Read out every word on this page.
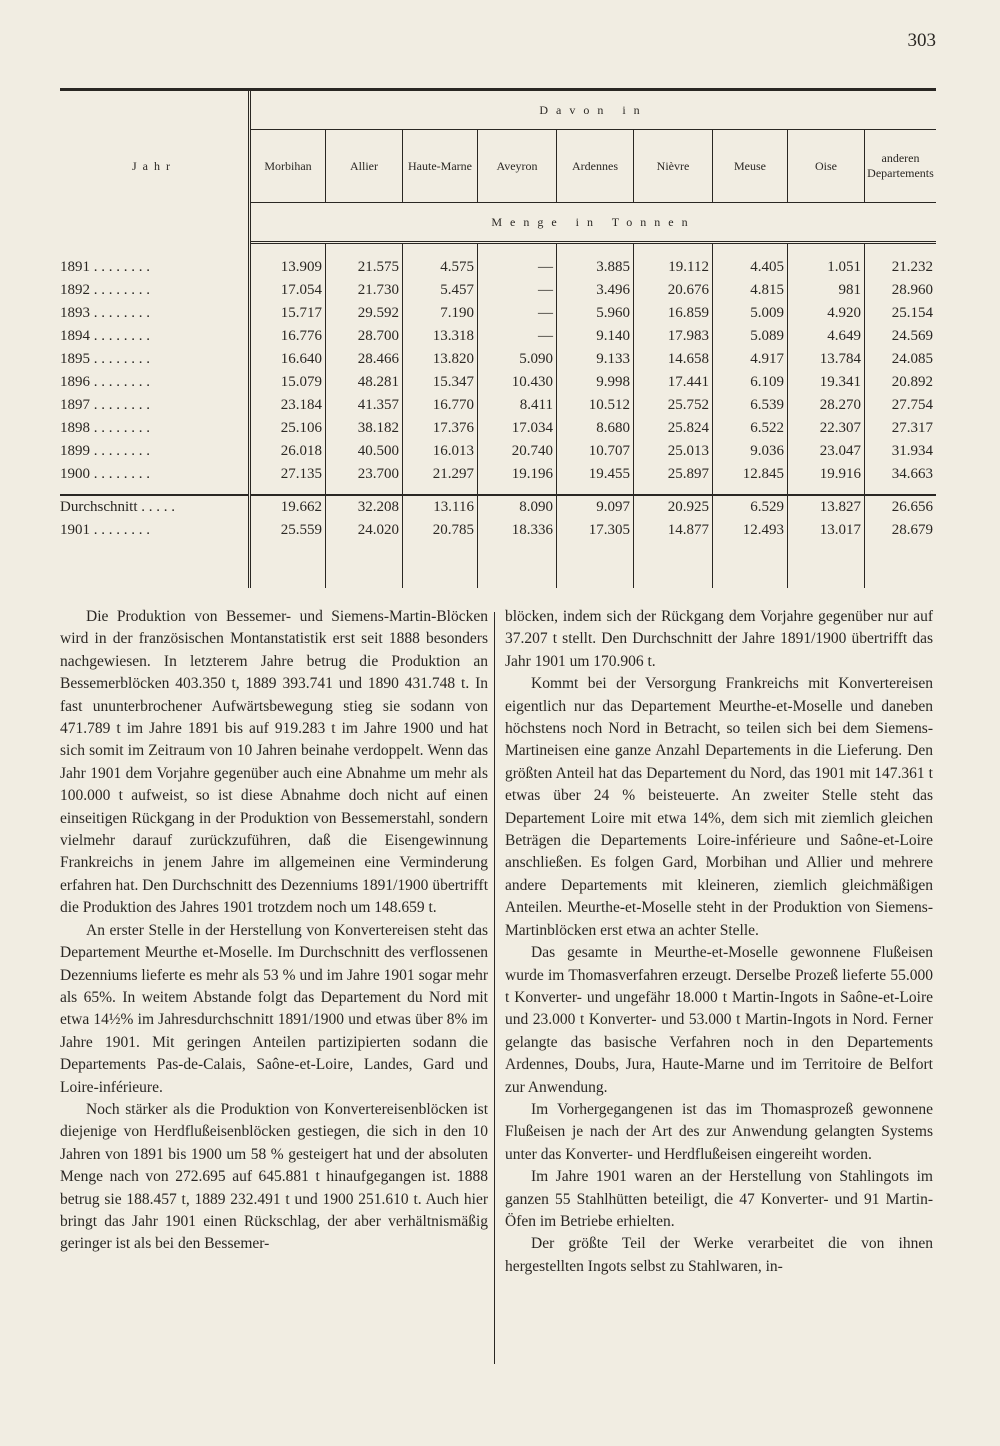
303
Jahr	Davon in								
	Morbihan	Allier	Haute-Marne	Aveyron	Ardennes	Nièvre	Meuse	Oise	anderen Departements
	Menge in Tonnen								

1891 . . . . . . . .	13.909	21.575	4.575	—	3.885	19.112	4.405	1.051	21.232
1892 . . . . . . . .	17.054	21.730	5.457	—	3.496	20.676	4.815	981	28.960
1893 . . . . . . . .	15.717	29.592	7.190	—	5.960	16.859	5.009	4.920	25.154
1894 . . . . . . . .	16.776	28.700	13.318	—	9.140	17.983	5.089	4.649	24.569
1895 . . . . . . . .	16.640	28.466	13.820	5.090	9.133	14.658	4.917	13.784	24.085
1896 . . . . . . . .	15.079	48.281	15.347	10.430	9.998	17.441	6.109	19.341	20.892
1897 . . . . . . . .	23.184	41.357	16.770	8.411	10.512	25.752	6.539	28.270	27.754
1898 . . . . . . . .	25.106	38.182	17.376	17.034	8.680	25.824	6.522	22.307	27.317
1899 . . . . . . . .	26.018	40.500	16.013	20.740	10.707	25.013	9.036	23.047	31.934
1900 . . . . . . . .	27.135	23.700	21.297	19.196	19.455	25.897	12.845	19.916	34.663

Durchschnitt . . . . .	19.662	32.208	13.116	8.090	9.097	20.925	6.529	13.827	26.656
1901 . . . . . . . .	25.559	24.020	20.785	18.336	17.305	14.877	12.493	13.017	28.679

Die Produktion von Bessemer- und Siemens-Martin-Blöcken wird in der französischen Montanstatistik erst seit 1888 besonders nachgewiesen. In letzterem Jahre betrug die Produktion an Bessemerblöcken 403.350 t, 1889 393.741 und 1890 431.748 t. In fast ununterbrochener Aufwärtsbewegung stieg sie sodann von 471.789 t im Jahre 1891 bis auf 919.283 t im Jahre 1900 und hat sich somit im Zeitraum von 10 Jahren beinahe verdoppelt. Wenn das Jahr 1901 dem Vorjahre gegenüber auch eine Abnahme um mehr als 100.000 t aufweist, so ist diese Abnahme doch nicht auf einen einseitigen Rückgang in der Produktion von Bessemerstahl, sondern vielmehr darauf zurückzuführen, daß die Eisengewinnung Frankreichs in jenem Jahre im allgemeinen eine Verminderung erfahren hat. Den Durchschnitt des Dezenniums 1891/1900 übertrifft die Produktion des Jahres 1901 trotzdem noch um 148.659 t.

An erster Stelle in der Herstellung von Konvertereisen steht das Departement Meurthe et-Moselle. Im Durchschnitt des verflossenen Dezenniums lieferte es mehr als 53 % und im Jahre 1901 sogar mehr als 65%. In weitem Abstande folgt das Departement du Nord mit etwa 14½% im Jahresdurchschnitt 1891/1900 und etwas über 8% im Jahre 1901. Mit geringen Anteilen partizipierten sodann die Departements Pas-de-Calais, Saône-et-Loire, Landes, Gard und Loire-inférieure.

Noch stärker als die Produktion von Konvertereisenblöcken ist diejenige von Herdflußeisenblöcken gestiegen, die sich in den 10 Jahren von 1891 bis 1900 um 58 % gesteigert hat und der absoluten Menge nach von 272.695 auf 645.881 t hinaufgegangen ist. 1888 betrug sie 188.457 t, 1889 232.491 t und 1900 251.610 t. Auch hier bringt das Jahr 1901 einen Rückschlag, der aber verhältnismäßig geringer ist als bei den Bessemer-

blöcken, indem sich der Rückgang dem Vorjahre gegenüber nur auf 37.207 t stellt. Den Durchschnitt der Jahre 1891/1900 übertrifft das Jahr 1901 um 170.906 t.

Kommt bei der Versorgung Frankreichs mit Konvertereisen eigentlich nur das Departement Meurthe-et-Moselle und daneben höchstens noch Nord in Betracht, so teilen sich bei dem Siemens-Martineisen eine ganze Anzahl Departements in die Lieferung. Den größten Anteil hat das Departement du Nord, das 1901 mit 147.361 t etwas über 24 % beisteuerte. An zweiter Stelle steht das Departement Loire mit etwa 14%, dem sich mit ziemlich gleichen Beträgen die Departements Loire-inférieure und Saône-et-Loire anschließen. Es folgen Gard, Morbihan und Allier und mehrere andere Departements mit kleineren, ziemlich gleichmäßigen Anteilen. Meurthe-et-Moselle steht in der Produktion von Siemens-Martinblöcken erst etwa an achter Stelle.

Das gesamte in Meurthe-et-Moselle gewonnene Flußeisen wurde im Thomasverfahren erzeugt. Derselbe Prozeß lieferte 55.000 t Konverter- und ungefähr 18.000 t Martin-Ingots in Saône-et-Loire und 23.000 t Konverter- und 53.000 t Martin-Ingots in Nord. Ferner gelangte das basische Verfahren noch in den Departements Ardennes, Doubs, Jura, Haute-Marne und im Territoire de Belfort zur Anwendung.

Im Vorhergegangenen ist das im Thomasprozeß gewonnene Flußeisen je nach der Art des zur Anwendung gelangten Systems unter das Konverter- und Herdflußeisen eingereiht worden.

Im Jahre 1901 waren an der Herstellung von Stahlingots im ganzen 55 Stahlhütten beteiligt, die 47 Konverter- und 91 Martin-Öfen im Betriebe erhielten.

Der größte Teil der Werke verarbeitet die von ihnen hergestellten Ingots selbst zu Stahlwaren, in-
